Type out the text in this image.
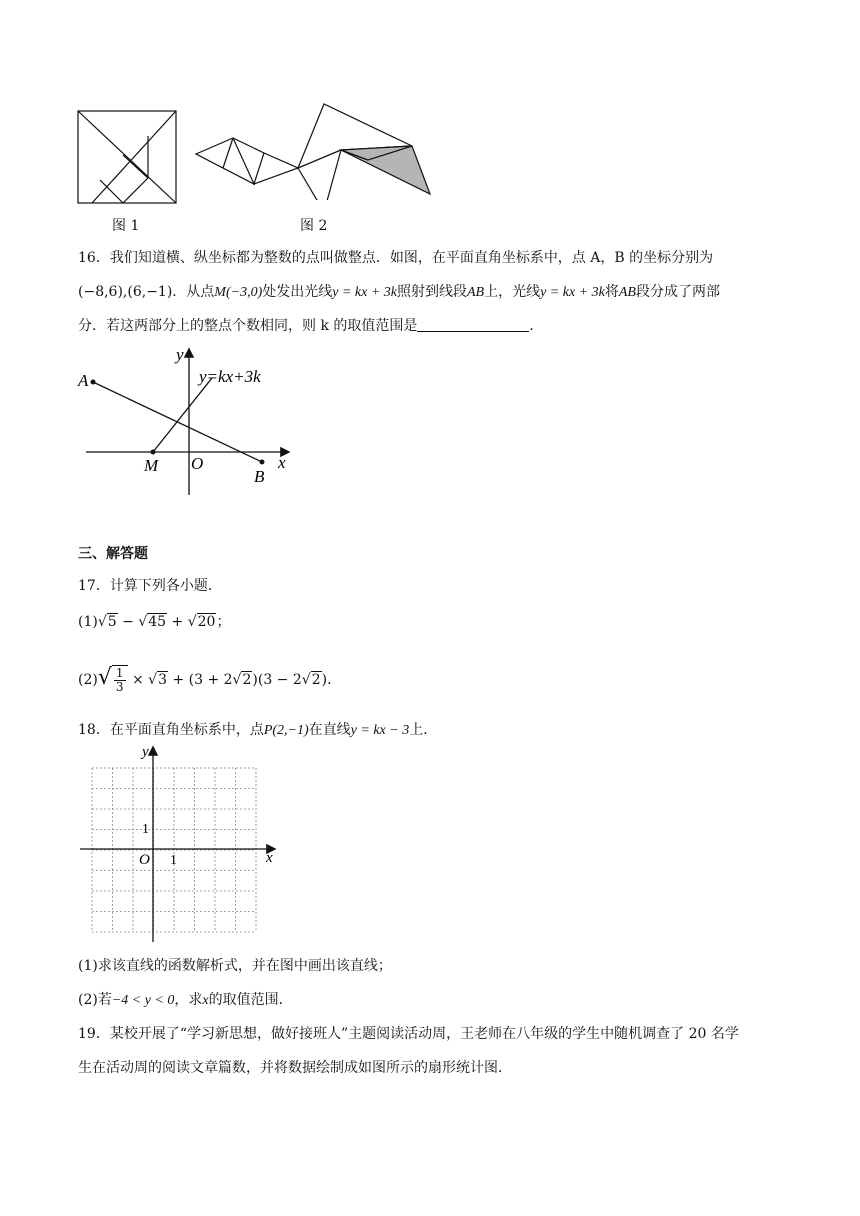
图 1	图 2
16．我们知道横、纵坐标都为整数的点叫做整点．如图，在平面直角坐标系中，点 A，B 的坐标分别为
(−8,6),(6,−1)．从点M(−3,0)处发出光线y = kx + 3k照射到线段AB上，光线y = kx + 3k将AB段分成了两部
分．若这两部分上的整点个数相同，则 k 的取值范围是	．
y
x
A
B
M O
y=kx+3k
三、解答题
17．计算下列各小题．
(1)√5 − √45 + √20；
$(2)√ \frac{1}{3} \times √3 + (3 + 2√2)(3 - 2√2)$．
18．在平面直角坐标系中，点P(2,−1)在直线y = kx − 3上．
y
x
O 1
1
(1)求该直线的函数解析式，并在图中画出该直线；
(2)若−4 < y < 0，求x的取值范围．
19．某校开展了“学习新思想，做好接班人”主题阅读活动周，王老师在八年级的学生中随机调查了 20 名学
生在活动周的阅读文章篇数，并将数据绘制成如图所示的扇形统计图．
